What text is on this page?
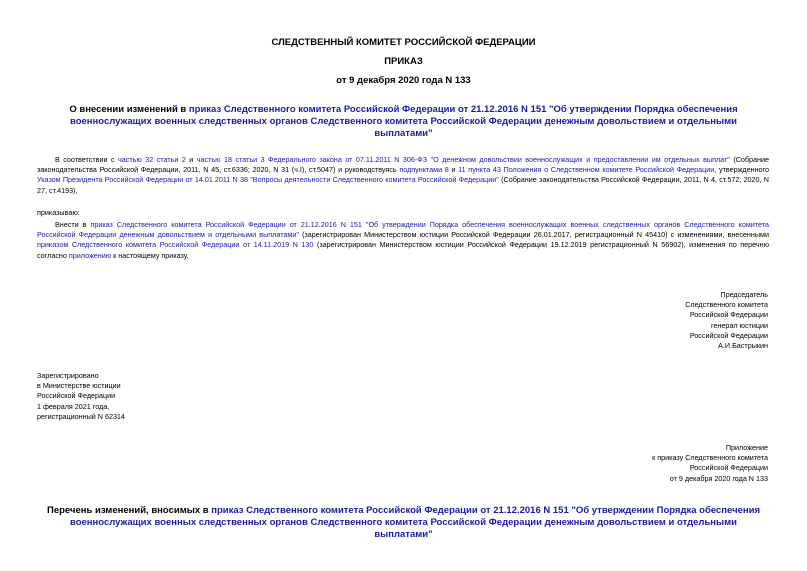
СЛЕДСТВЕННЫЙ КОМИТЕТ РОССИЙСКОЙ ФЕДЕРАЦИИ
ПРИКАЗ
от 9 декабря 2020 года N 133
О внесении изменений в приказ Следственного комитета Российской Федерации от 21.12.2016 N 151 "Об утверждении Порядка обеспечения военнослужащих военных следственных органов Следственного комитета Российской Федерации денежным довольствием и отдельными выплатами"
В соответствии с частью 32 статьи 2 и частью 18 статьи 3 Федерального закона от 07.11.2011 N 306-ФЗ "О денежном довольствии военнослужащих и предоставлении им отдельных выплат" (Собрание законодательства Российской Федерации, 2011, N 45, ст.6336; 2020, N 31 (ч.I), ст.5047) и руководствуясь подпунктами 8 и 11 пункта 43 Положения о Следственном комитете Российской Федерации, утвержденного Указом Президента Российской Федерации от 14.01.2011 N 38 "Вопросы деятельности Следственного комитета Российской Федерации" (Собрание законодательства Российской Федерации, 2011, N 4, ст.572; 2020, N 27, ст.4193),
приказываю:
Внести в приказ Следственного комитета Российской Федерации от 21.12.2016 N 151 "Об утверждении Порядка обеспечения военнослужащих военных следственных органов Следственного комитета Российской Федерации денежным довольствием и отдельными выплатами" (зарегистрирован Министерством юстиции Российской Федерации 26.01.2017, регистрационный N 45410) с изменениями, внесенными приказом Следственного комитета Российской Федерации от 14.11.2019 N 130 (зарегистрирован Министерством юстиции Российской Федерации 19.12.2019 регистрационный N 56902), изменения по перечню согласно приложению к настоящему приказу.
Председатель
Следственного комитета
Российской Федерации
генерал юстиции
Российской Федерации
А.И.Бастрыкин
Зарегистрировано
в Министерстве юстиции
Российской Федерации
1 февраля 2021 года,
регистрационный N 62314
Приложение
к приказу Следственного комитета
Российской Федерации
от 9 декабря 2020 года N 133
Перечень изменений, вносимых в приказ Следственного комитета Российской Федерации от 21.12.2016 N 151 "Об утверждении Порядка обеспечения военнослужащих военных следственных органов Следственного комитета Российской Федерации денежным довольствием и отдельными выплатами"
